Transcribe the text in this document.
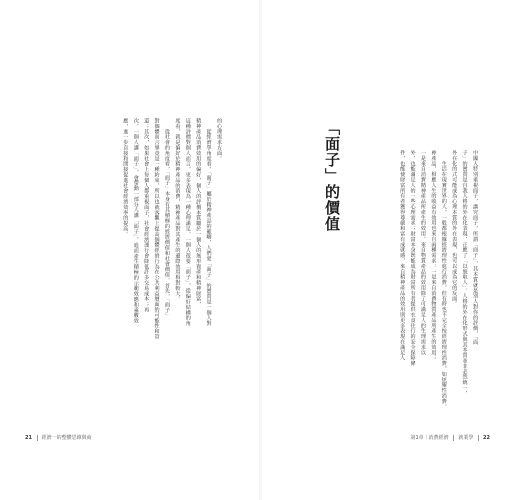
的心理需求方面。
　　從經濟學角度看，「面子」屬於精神產品的範疇，人們愛「面子」的實質是一個人對
精神產品消費效用的偏好，個人的評價本質屬於一個人的無形資產和精神財富，
這種評價對個人而言，更多表現為一種心理滿足。一個人很要「面子」，從偏好結構的角
度看，就是偏好於精神產品的消費，精神產品對其產生的邊際效用相對較大。
　　從社會的角度看，「面子」本身有其積極的經濟價值和社會價值。首先，「面子」
對個體而言畢竟是一種約束，所以也就客觀上提高個體經濟行為在公共利益層面的可能性和管
道；其次，如果社會上每個人都重視面子，社會經濟運行會降低許多交易成本；再
次，一個人講「面子」，會帶動一部分人講「面子」，進而產生積極的示範效應和乘數效
應，進一步直接和間接促進社會經濟效率的提高。
21 經濟一的整體思維與商
「面子」的價值	中國人特別重視面子，講究面子，所謂「面子」，其本質就是別人對你的評價，「面
子」的實質是自我人格的外在化表現，正應了「以貌取人」。人格的外在化形式與其本質並非必然統一，
外在化的式可能成為心理本質的外在表現，也可以成為它的反面。
　　生活在現實世界的人，一般都根據經濟理性進行消費，但有時也不完全按經濟理性消費，如炫耀性消費。
神產品，相應人生的收益有效用也來自兩種需求：一是來自消費物質產品所產生的效用；
一是來自消費精神產品所產生的效用。來自物質產品的效用除了可滿足人的生理需求以
外，也能滿足人的一些心理需求；財富本身既能成為財富所有者提供衣食住行的安全保障條
件，也能使財富所有者獲得尊嚴和富有成就感，來自精神產品的效用則更多表現在滿足人
第1章｜消費經濟 就業學 22
